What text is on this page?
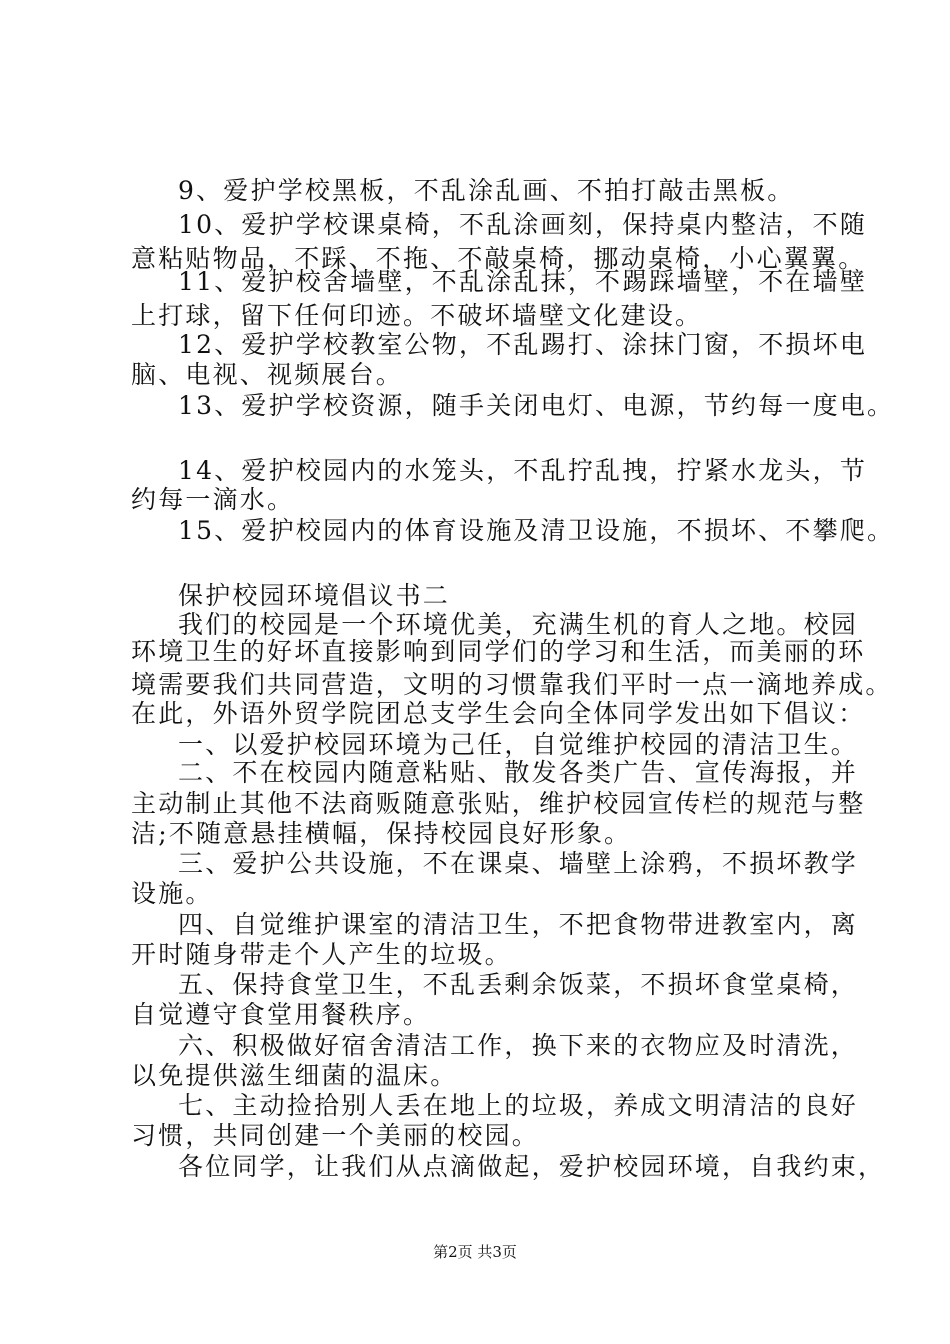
9、爱护学校黑板，不乱涂乱画、不拍打敲击黑板。
10、爱护学校课桌椅，不乱涂画刻，保持桌内整洁，不随
意粘贴物品，不踩、不拖、不敲桌椅，挪动桌椅，小心翼翼。
11、爱护校舍墙壁，不乱涂乱抹，不踢踩墙壁，不在墙壁
上打球，留下任何印迹。不破坏墙壁文化建设。
12、爱护学校教室公物，不乱踢打、涂抹门窗，不损坏电
脑、电视、视频展台。
13、爱护学校资源，随手关闭电灯、电源，节约每一度电。
14、爱护校园内的水笼头，不乱拧乱拽，拧紧水龙头，节
约每一滴水。
15、爱护校园内的体育设施及清卫设施，不损坏、不攀爬。
保护校园环境倡议书二
我们的校园是一个环境优美，充满生机的育人之地。校园
环境卫生的好坏直接影响到同学们的学习和生活，而美丽的环
境需要我们共同营造，文明的习惯靠我们平时一点一滴地养成。
在此，外语外贸学院团总支学生会向全体同学发出如下倡议：
一、以爱护校园环境为己任，自觉维护校园的清洁卫生。
二、不在校园内随意粘贴、散发各类广告、宣传海报，并
主动制止其他不法商贩随意张贴，维护校园宣传栏的规范与整
洁;不随意悬挂横幅，保持校园良好形象。
三、爱护公共设施，不在课桌、墙壁上涂鸦，不损坏教学
设施。
四、自觉维护课室的清洁卫生，不把食物带进教室内，离
开时随身带走个人产生的垃圾。
五、保持食堂卫生，不乱丢剩余饭菜，不损坏食堂桌椅，
自觉遵守食堂用餐秩序。
六、积极做好宿舍清洁工作，换下来的衣物应及时清洗，
以免提供滋生细菌的温床。
七、主动捡拾别人丢在地上的垃圾，养成文明清洁的良好
习惯，共同创建一个美丽的校园。
各位同学，让我们从点滴做起，爱护校园环境，自我约束，
第2页 共3页
